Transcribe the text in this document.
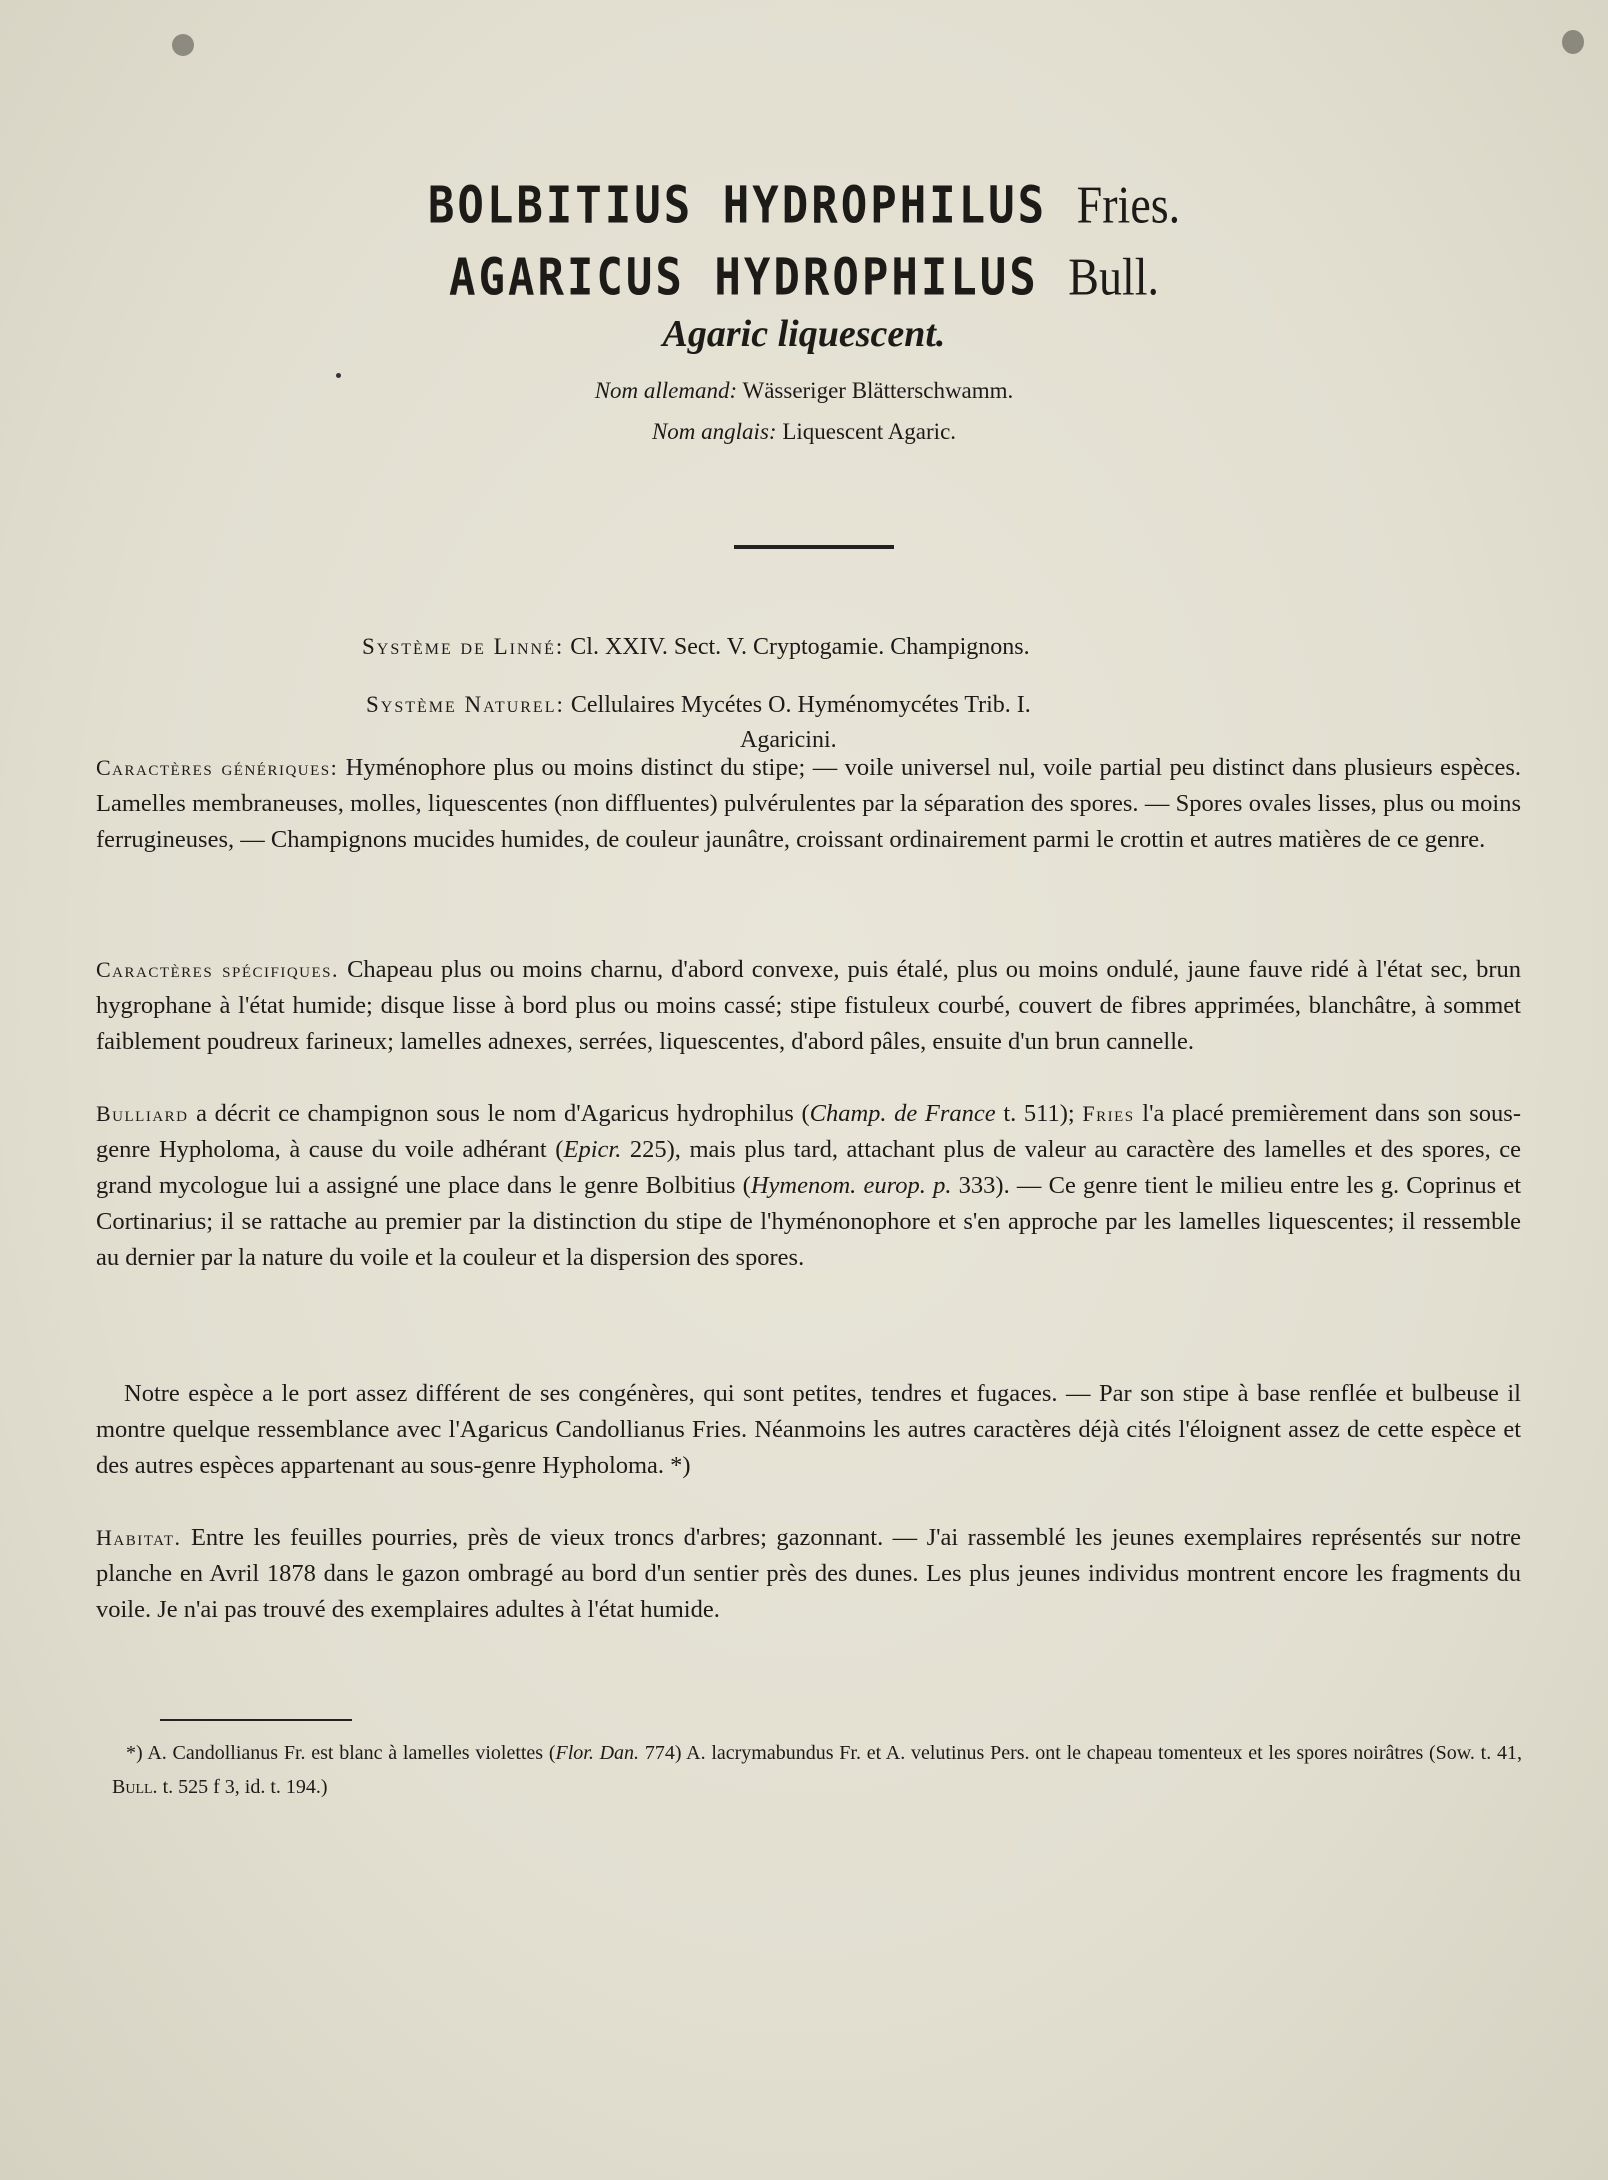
BOLBITIUS HYDROPHILUS Fries.
AGARICUS HYDROPHILUS Bull.
Agaric liquescent.
Nom allemand: Wässeriger Blätterschwamm.
Nom anglais: Liquescent Agaric.
Système de Linné: Cl. XXIV. Sect. V. Cryptogamie. Champignons.
Système Naturel: Cellulaires Mycétes O. Hyménomycétes Trib. I.
Agaricini.

Caractères génériques: Hyménophore plus ou moins distinct du stipe; — voile universel nul, voile partial peu distinct dans plusieurs espèces. Lamelles membraneuses, molles, liquescentes (non diffluentes) pulvérulentes par la séparation des spores. — Spores ovales lisses, plus ou moins ferrugineuses, — Champignons mucides humides, de couleur jaunâtre, croissant ordinairement parmi le crottin et autres matières de ce genre.

Caractères spécifiques. Chapeau plus ou moins charnu, d'abord convexe, puis étalé, plus ou moins ondulé, jaune fauve ridé à l'état sec, brun hygrophane à l'état humide; disque lisse à bord plus ou moins cassé; stipe fistuleux courbé, couvert de fibres apprimées, blanchâtre, à sommet faiblement poudreux farineux; lamelles adnexes, serrées, liquescentes, d'abord pâles, ensuite d'un brun cannelle.

Bulliard a décrit ce champignon sous le nom d'Agaricus hydrophilus (Champ. de France t. 511); Fries l'a placé premièrement dans son sous-genre Hypholoma, à cause du voile adhérant (Epicr. 225), mais plus tard, attachant plus de valeur au caractère des lamelles et des spores, ce grand mycologue lui a assigné une place dans le genre Bolbitius (Hymenom. europ. p. 333). — Ce genre tient le milieu entre les g. Coprinus et Cortinarius; il se rattache au premier par la distinction du stipe de l'hyménonophore et s'en approche par les lamelles liquescentes; il ressemble au dernier par la nature du voile et la couleur et la dispersion des spores.

Notre espèce a le port assez différent de ses congénères, qui sont petites, tendres et fugaces. — Par son stipe à base renflée et bulbeuse il montre quelque ressemblance avec l'Agaricus Candollianus Fries. Néanmoins les autres caractères déjà cités l'éloignent assez de cette espèce et des autres espèces appartenant au sous-genre Hypholoma. *)

Habitat. Entre les feuilles pourries, près de vieux troncs d'arbres; gazonnant. — J'ai rassemblé les jeunes exemplaires représentés sur notre planche en Avril 1878 dans le gazon ombragé au bord d'un sentier près des dunes. Les plus jeunes individus montrent encore les fragments du voile. Je n'ai pas trouvé des exemplaires adultes à l'état humide.

*) A. Candollianus Fr. est blanc à lamelles violettes (Flor. Dan. 774) A. lacrymabundus Fr. et A. velutinus Pers. ont le chapeau tomenteux et les spores noirâtres (Sow. t. 41, Bull. t. 525 f 3, id. t. 194.)
